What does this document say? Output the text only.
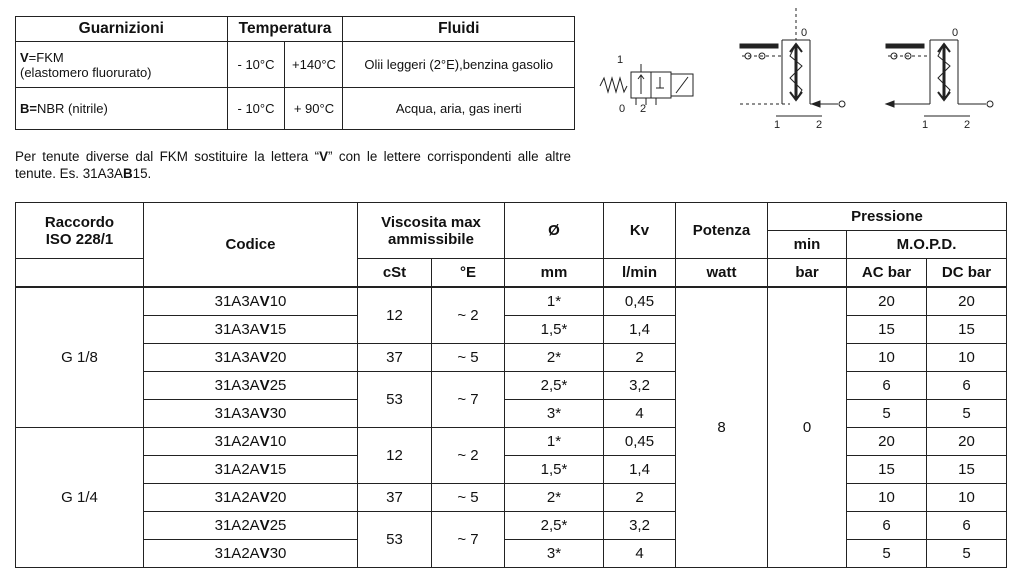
Guarnizioni	Temperatura		Fluidi
V=FKM
(elastomero fluorurato)	- 10°C	+140°C	Olii leggeri (2°E),benzina gasolio
B=NBR (nitrile)	- 10°C	+ 90°C	Acqua, aria, gas inerti
Per tenute diverse dal FKM sostituire la lettera “V” con le lettere corrispondenti alle altre tenute. Es. 31A3AB15.
1
0 2
0
1	2
0
1	2
Raccordo
ISO 228/1	Codice	Viscosita max ammissibile		Ø	Kv	Potenza	Pressione		
							min	M.O.P.D.	
		cSt	°E	mm	l/min	watt	bar	AC bar	DC bar
G 1/8	31A3AV10	12	~ 2	1*	0,45	8	0	20	20
	31A3AV15			1,5*	1,4			15	15
	31A3AV20	37	~ 5	2*	2			10	10
	31A3AV25	53	~ 7	2,5*	3,2			6	6
	31A3AV30			3*	4			5	5
G 1/4	31A2AV10	12	~ 2	1*	0,45			20	20
	31A2AV15			1,5*	1,4			15	15
	31A2AV20	37	~ 5	2*	2			10	10
	31A2AV25	53	~ 7	2,5*	3,2			6	6
	31A2AV30			3*	4			5	5
